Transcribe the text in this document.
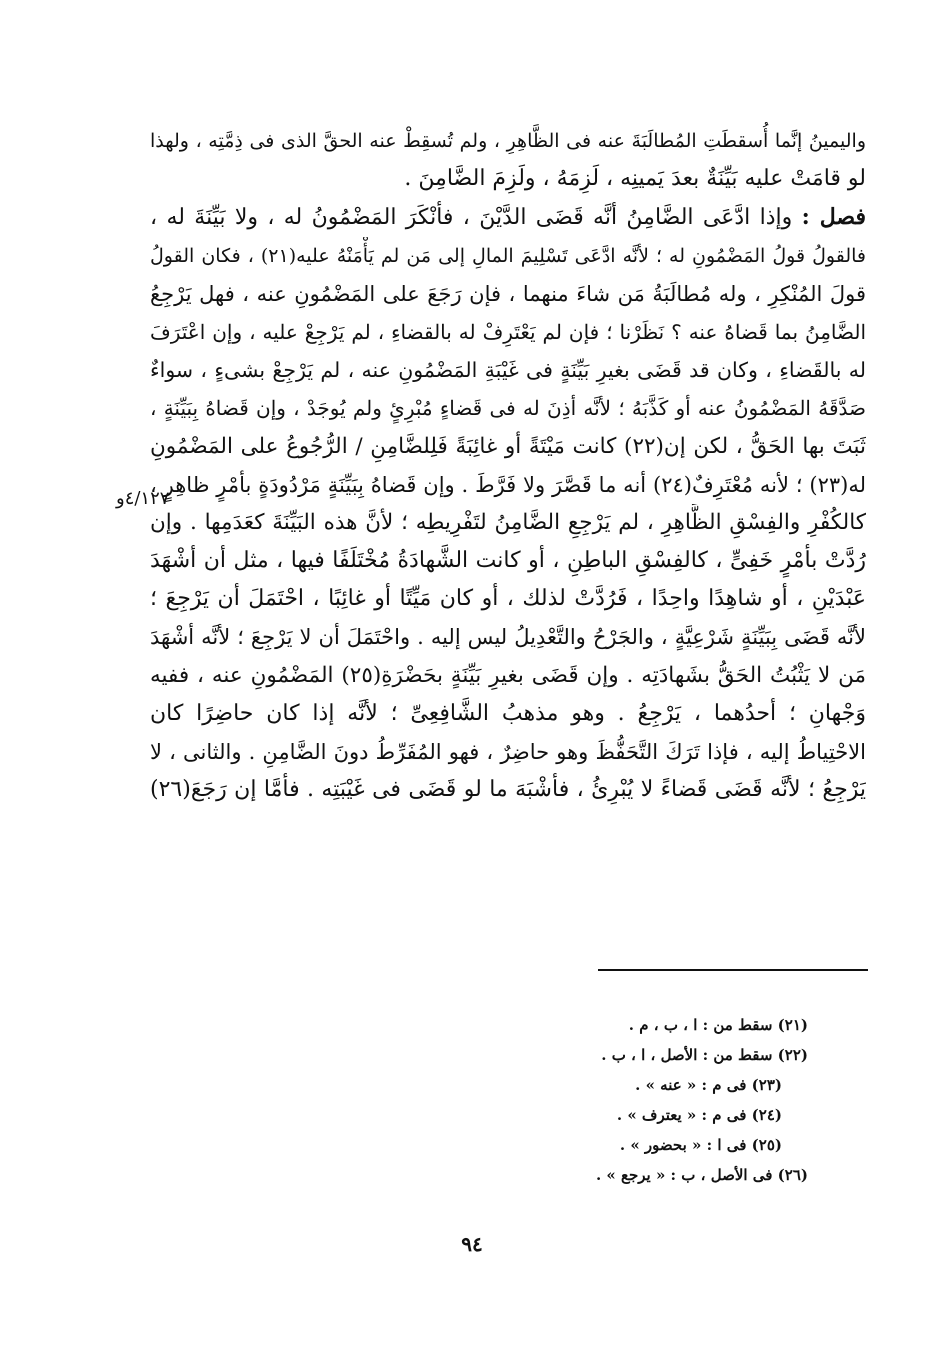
واليمينُ إنَّما أُسقطَتِ المُطالَبَةَ عنه فى الظَّاهِرِ ، ولم تُسقِطْ عنه الحقَّ الذى فى ذِمَّتِه ، ولهذا
لو قامَتْ عليه بَيِّنَةٌ بعدَ يَمينِه ، لَزِمَهُ ، ولَزِمَ الضَّامِنَ .
فصل : وإذا ادَّعَى الضَّامِنُ أنَّه قَضَى الدَّيْنَ ، فأنْكَرَ المَضْمُونُ له ، ولا بَيِّنَةَ له ،
فالقولُ قولُ المَضْمُونِ له ؛ لأنَّه ادَّعَى تَسْلِيمَ المالِ إلى مَن لم يَأْمَنْهُ عليه(٢١) ، فكان القولُ
قولَ المُنْكِرِ ، وله مُطالَبَةُ مَن شاءَ منهما ، فإن رَجَعَ على المَضْمُونِ عنه ، فهل يَرْجِعُ
الضَّامِنُ بما قَضاهُ عنه ؟ نَظَرْنا ؛ فإن لم يَعْتَرِفْ له بالقضاءِ ، لم يَرْجِعْ عليه ، وإن اعْتَرَفَ
له بالقَضاءِ ، وكان قد قَضَى بغيرِ بَيِّنَةٍ فى غَيْبَةِ المَضْمُونِ عنه ، لم يَرْجِعْ بشىءٍ ، سواءٌ
صَدَّقَهُ المَضْمُونُ عنه أو كَذَّبَهُ ؛ لأنَّه أذِنَ له فى قَضاءٍ مُبْرِئٍ ولم يُوجَدْ ، وإن قَضاهُ بِبَيِّنَةٍ ،
ثَبَتَ بها الحَقُّ ، لكن إن(٢٢) كانت مَيْتَةً أو غائِبَةً فَلِلضَّامِنِ / الرُّجُوعُ على المَضْمُونِ
له(٢٣) ؛ لأنه مُعْتَرِفٌ(٢٤) أنه ما قَصَّرَ ولا فَرَّطَ . وإن قَضاهُ بِبَيِّنَةٍ مَرْدُودَةٍ بأمْرٍ ظاهِرٍ ،
كالكُفْرِ والفِسْقِ الظَّاهِرِ ، لم يَرْجِعِ الضَّامِنُ لتَفْرِيطِه ؛ لأنَّ هذه البَيِّنَةَ كعَدَمِها . وإن
رُدَّتْ بأمْرٍ خَفِىٍّ ، كالفِسْقِ الباطِنِ ، أو كانت الشَّهادَةُ مُخْتَلَفًا فيها ، مثل أن أشْهَدَ
عَبْدَيْنِ ، أو شاهِدًا واحِدًا ، فَرُدَّتْ لذلك ، أو كان مَيِّتًا أو غائِبًا ، احْتَمَلَ أن يَرْجِعَ ؛
لأنَّه قَضَى بِبَيِّنَةٍ شَرْعِيَّةٍ ، والجَرْحُ والتَّعْدِيلُ ليس إليه . واحْتَمَلَ أن لا يَرْجِعَ ؛ لأنَّه أشْهَدَ
مَن لا يَثْبُتُ الحَقُّ بشَهادَتِه . وإن قَضَى بغيرِ بَيِّنَةٍ بحَضْرَةِ(٢٥) المَضْمُونِ عنه ، ففيه
وَجْهانِ ؛ أحدُهما ، يَرْجِعُ . وهو مذهبُ الشَّافِعِىِّ ؛ لأنَّه إذا كان حاضِرًا كان
الاحْتِياطُ إليه ، فإذا تَرَكَ التَّحَفُّظَ وهو حاضِرٌ ، فهو المُفَرِّطُ دونَ الضَّامِنِ . والثانى ، لا
يَرْجِعُ ؛ لأنَّه قَضَى قَضاءً لا يُبْرِئُ ، فأشْبَهَ ما لو قَضَى فى غَيْبَتِه . فأمَّا إن رَجَعَ(٢٦)
٤/١٢٧و
(٢١) سقط من : ا ، ب ، م .
(٢٢) سقط من : الأصل ، ا ، ب .
(٢٣) فى م : « عنه » .
(٢٤) فى م : « يعترف » .
(٢٥) فى ا : « بحضور » .
(٢٦) فى الأصل ، ب : « يرجع » .
٩٤
